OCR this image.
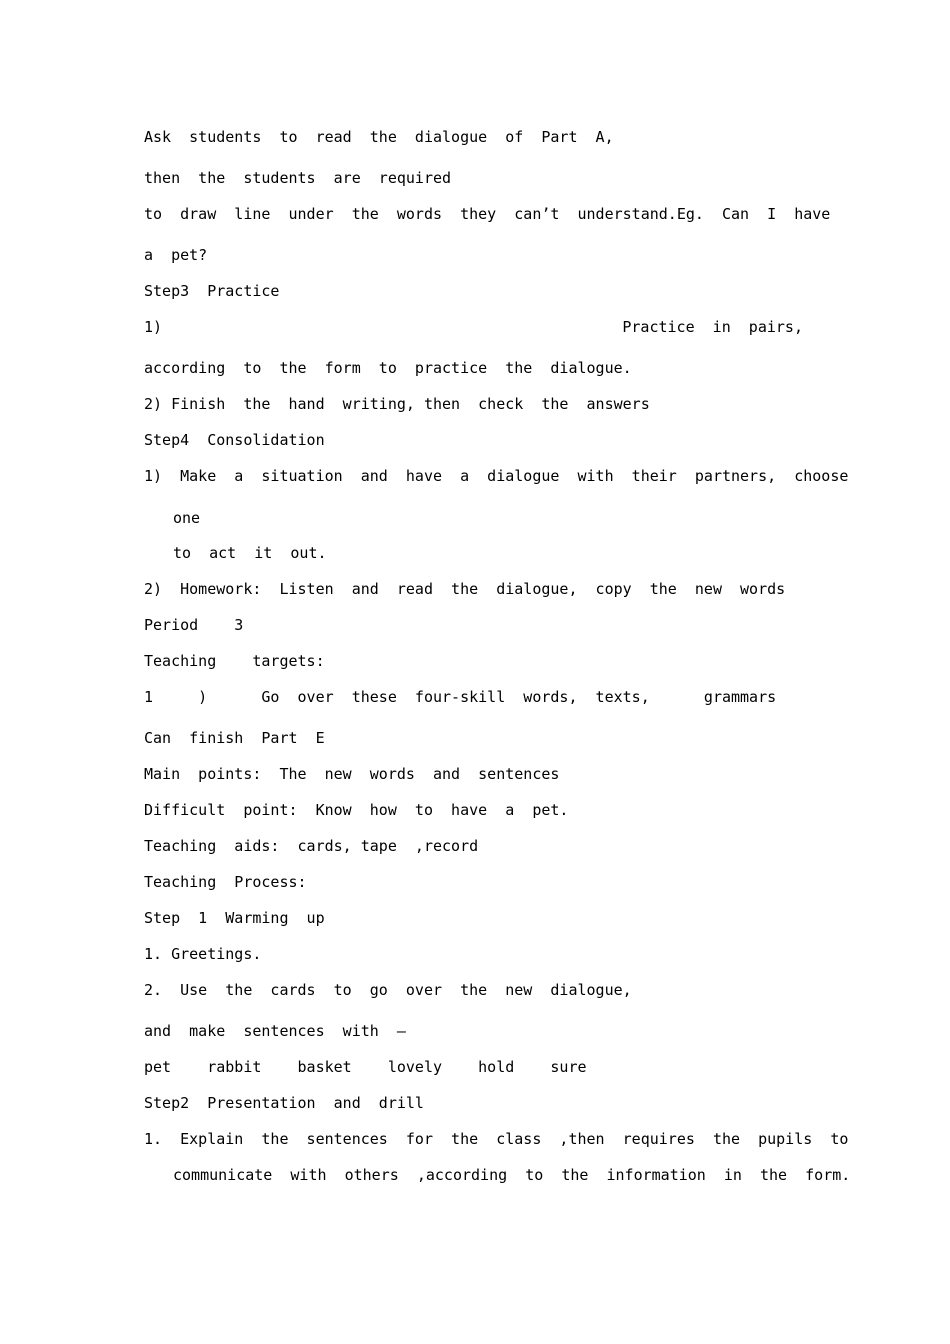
Ask  students  to  read  the  dialogue  of  Part  A,
then  the  students  are  required
to  draw  line  under  the  words  they  can’t  understand.Eg.  Can  I  have
a  pet?
Step3  Practice
1)	Practice  in  pairs,
according  to  the  form  to  practice  the  dialogue.
2) Finish  the  hand  writing, then  check  the  answers
Step4  Consolidation
1)  Make  a  situation  and  have  a  dialogue  with  their  partners,  choose
one
to  act  it  out.
2)  Homework:  Listen  and  read  the  dialogue,  copy  the  new  words
Period    3
Teaching    targets:
1     )      Go  over  these  four-skill  words,  texts,      grammars
Can  finish  Part  E
Main  points:  The  new  words  and  sentences
Difficult  point:  Know  how  to  have  a  pet.
Teaching  aids:  cards, tape  ,record
Teaching  Process:
Step  1  Warming  up
1. Greetings.
2.  Use  the  cards  to  go  over  the  new  dialogue,
and  make  sentences  with  —
pet    rabbit    basket    lovely    hold    sure
Step2  Presentation  and  drill
1.  Explain  the  sentences  for  the  class  ,then  requires  the  pupils  to
communicate  with  others  ,according  to  the  information  in  the  form.
